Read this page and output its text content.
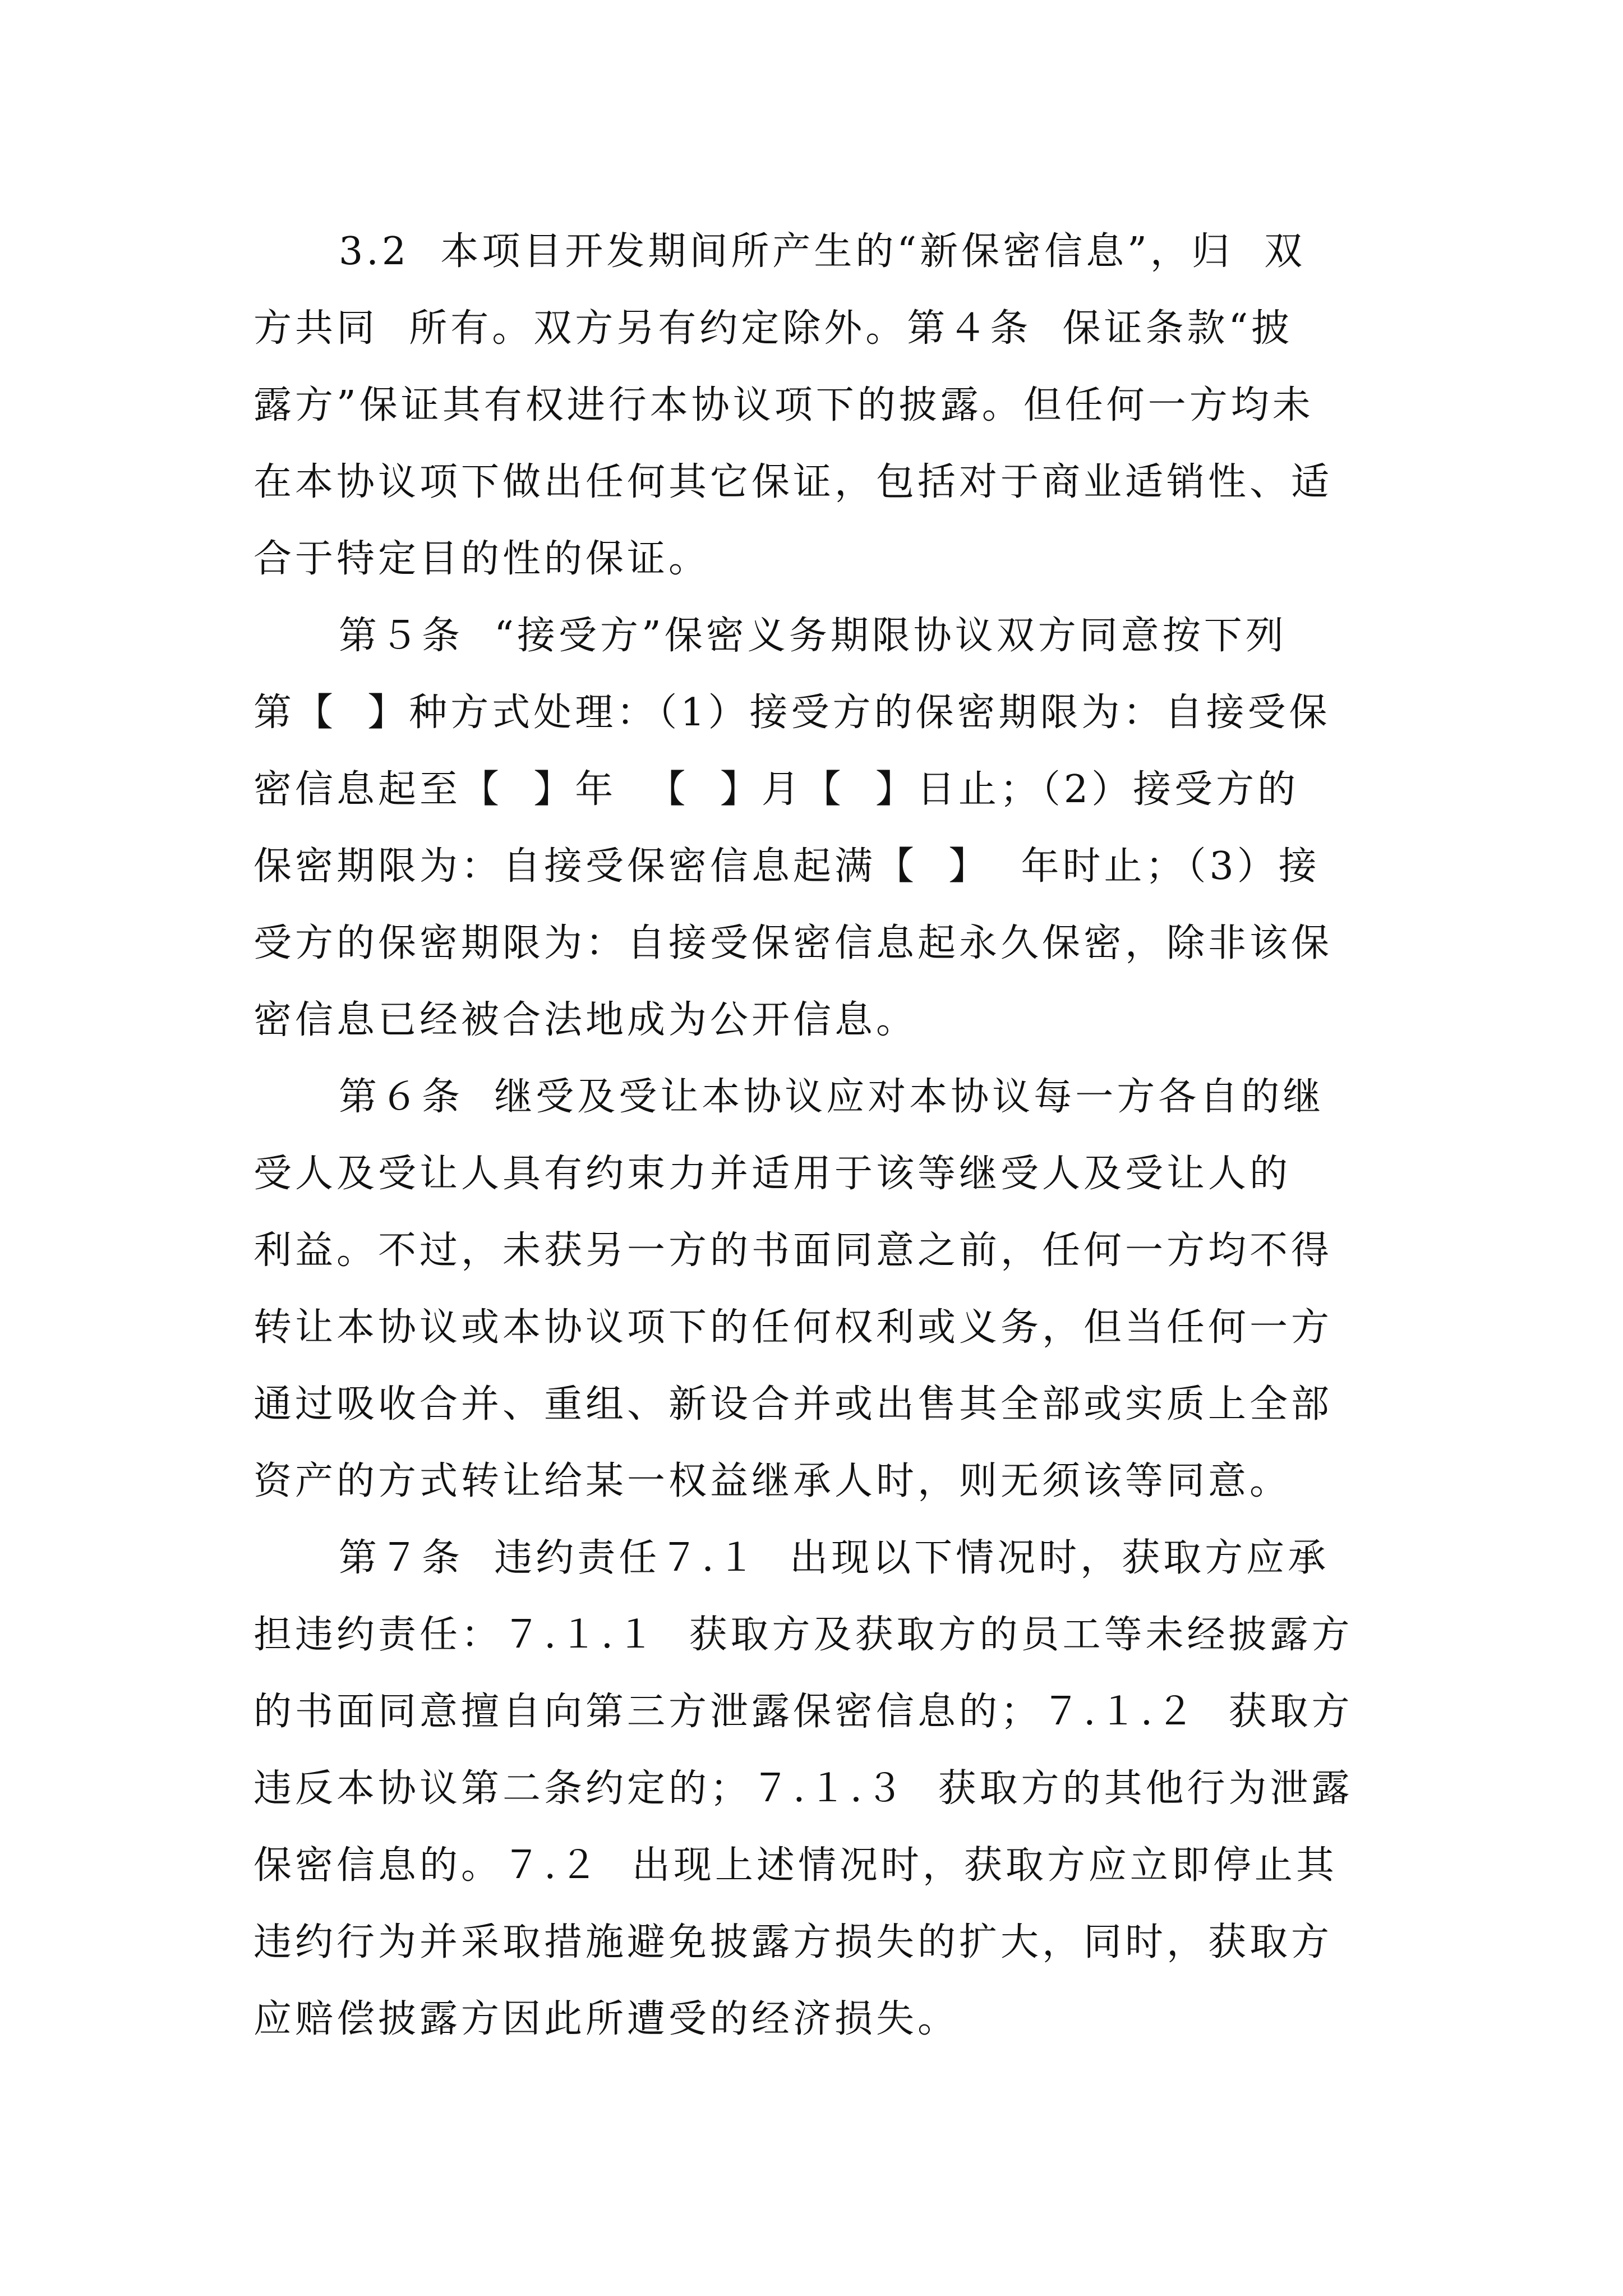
3.2  本项目开发期间所产生的“新保密信息”，归  双
方共同  所有。双方另有约定除外。第４条  保证条款“披
露方”保证其有权进行本协议项下的披露。但任何一方均未
在本协议项下做出任何其它保证，包括对于商业适销性、适
合于特定目的性的保证。
第５条  “接受方”保密义务期限协议双方同意按下列
第【  】种方式处理：（1）接受方的保密期限为：自接受保
密信息起至【  】年  【  】月【  】日止；（2）接受方的
保密期限为：自接受保密信息起满【  】  年时止；（3）接
受方的保密期限为：自接受保密信息起永久保密，除非该保
密信息已经被合法地成为公开信息。
第６条  继受及受让本协议应对本协议每一方各自的继
受人及受让人具有约束力并适用于该等继受人及受让人的
利益。不过，未获另一方的书面同意之前，任何一方均不得
转让本协议或本协议项下的任何权利或义务，但当任何一方
通过吸收合并、重组、新设合并或出售其全部或实质上全部
资产的方式转让给某一权益继承人时，则无须该等同意。
第７条  违约责任７.１  出现以下情况时，获取方应承
担违约责任：７.１.１  获取方及获取方的员工等未经披露方
的书面同意擅自向第三方泄露保密信息的；７.１.２  获取方
违反本协议第二条约定的；７.１.３  获取方的其他行为泄露
保密信息的。７.２  出现上述情况时，获取方应立即停止其
违约行为并采取措施避免披露方损失的扩大，同时，获取方
应赔偿披露方因此所遭受的经济损失。
